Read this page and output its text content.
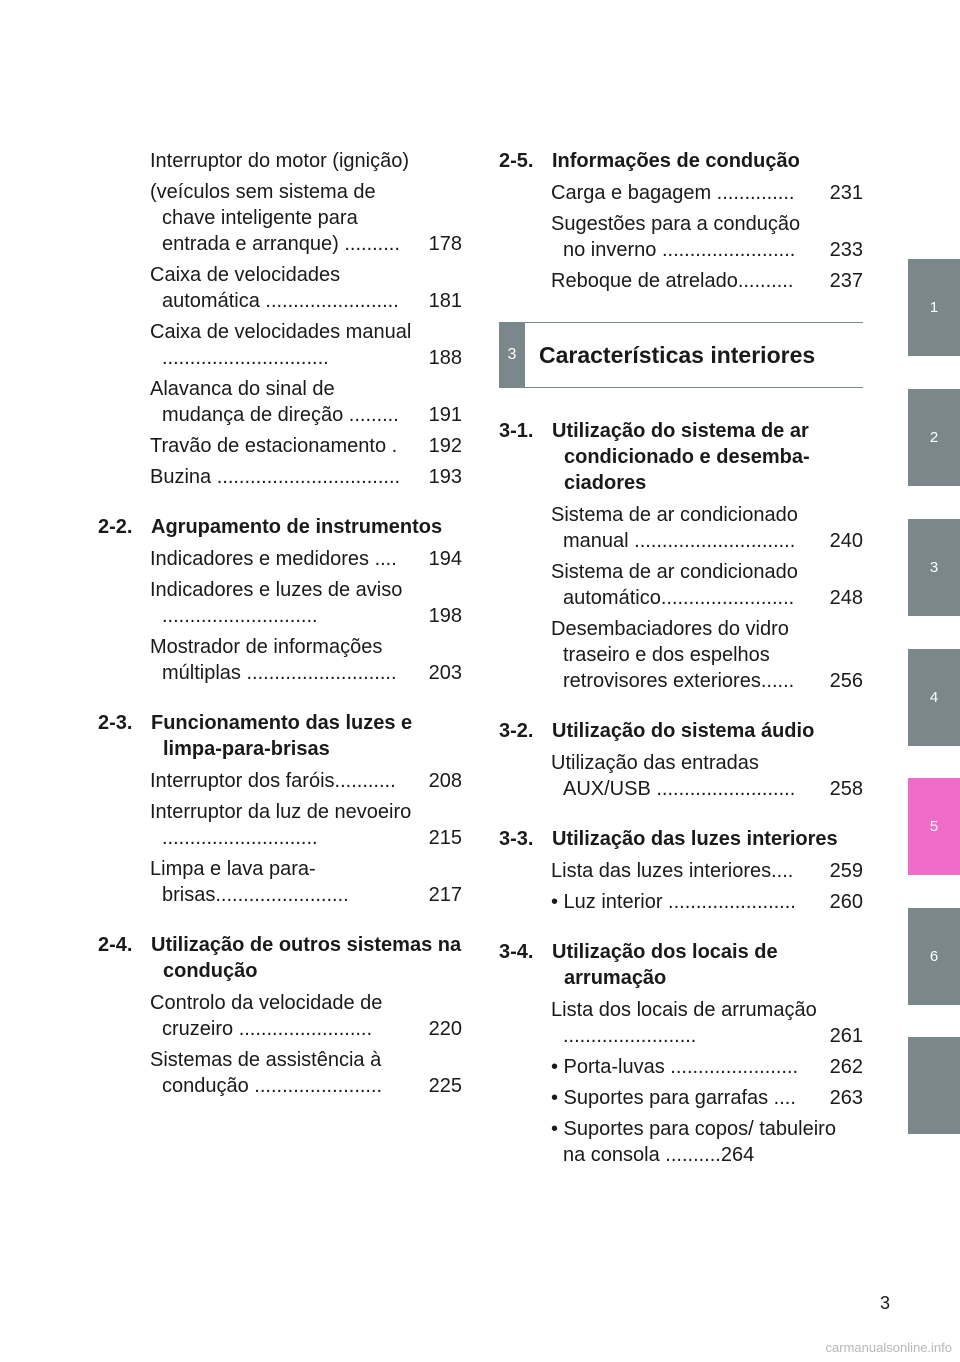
Interruptor do motor (ignição)
(veículos sem sistema de chave inteligente para entrada e arranque) ..........	178
Caixa de velocidades automática ........................	181
Caixa de velocidades manual ..............................	188
Alavanca do sinal de mudança de direção .........	191
Travão de estacionamento .	192
Buzina .................................	193
2-2. Agrupamento de instrumentos
Indicadores e medidores ....	194
Indicadores e luzes de aviso ............................	198
Mostrador de informações múltiplas ...........................	203
2-3. Funcionamento das luzes e limpa-para-brisas
Interruptor dos faróis...........	208
Interruptor da luz de nevoeiro ............................	215
Limpa e lava para-brisas........................	217
2-4. Utilização de outros sistemas na condução
Controlo da velocidade de cruzeiro ........................	220
Sistemas de assistência à condução .......................	225
2-5. Informações de condução
Carga e bagagem ..............	231
Sugestões para a condução no inverno ........................	233
Reboque de atrelado..........	237
3 Características interiores
3-1. Utilização do sistema de ar condicionado e desemba- ciadores
Sistema de ar condicionado manual .............................	240
Sistema de ar condicionado automático........................	248
Desembaciadores do vidro traseiro e dos espelhos retrovisores exteriores......	256
3-2. Utilização do sistema áudio
Utilização das entradas AUX/USB .........................	258
3-3. Utilização das luzes interiores
Lista das luzes interiores....	259
• Luz interior .......................	260
3-4. Utilização dos locais de arrumação
Lista dos locais de arrumação ........................	261
• Porta-luvas .......................	262
• Suportes para garrafas ....	263
• Suportes para copos/ tabuleiro na consola ..........264
1
2
3
4
5
6
3
carmanualsonline.info
